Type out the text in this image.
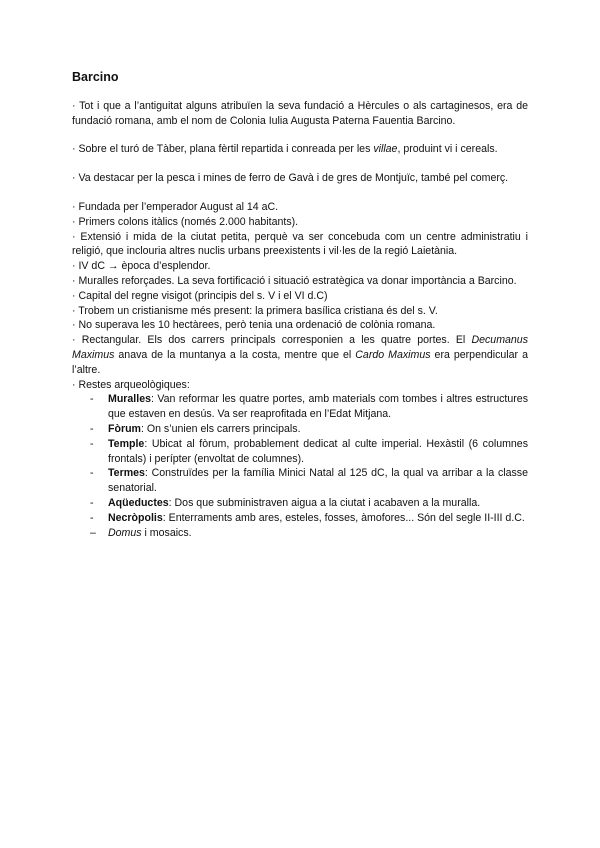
Barcino

· Tot i que a l’antiguitat alguns atribuïen la seva fundació a Hèrcules o als cartaginesos, era de fundació romana, amb el nom de Colonia Iulia Augusta Paterna Fauentia Barcino.

· Sobre el turó de Tàber, plana fèrtil repartida i conreada per les villae, produint vi i cereals.

· Va destacar per la pesca i mines de ferro de Gavà i de gres de Montjuïc, també pel comerç.

· Fundada per l’emperador August al 14 aC.

· Primers colons itàlics (només 2.000 habitants).

· Extensió i mida de la ciutat petita, perquè va ser concebuda com un centre administratiu i religió, que inclouria altres nuclis urbans preexistents i vil·les de la regió Laietània.

· IV dC → època d’esplendor.

· Muralles reforçades. La seva fortificació i situació estratègica va donar importància a Barcino.

· Capital del regne visigot (principis del s. V i el VI d.C)

· Trobem un cristianisme més present: la primera basílica cristiana és del s. V.

· No superava les 10 hectàrees, però tenia una ordenació de colònia romana.

· Rectangular. Els dos carrers principals corresponien a les quatre portes. El Decumanus Maximus anava de la muntanya a la costa, mentre que el Cardo Maximus era perpendicular a l’altre.

· Restes arqueològiques:

- Muralles: Van reformar les quatre portes, amb materials com tombes i altres estructures que estaven en desús. Va ser reaprofitada en l’Edat Mitjana.
- Fòrum: On s’unien els carrers principals.
- Temple: Ubicat al fòrum, probablement dedicat al culte imperial. Hexàstil (6 columnes frontals) i perípter (envoltat de columnes).
- Termes: Construïdes per la família Minici Natal al 125 dC, la qual va arribar a la classe senatorial.
- Aqüeductes: Dos que subministraven aigua a la ciutat i acabaven a la muralla.
- Necròpolis: Enterraments amb ares, esteles, fosses, àmofores... Són del segle II-III d.C.
– Domus i mosaics.
